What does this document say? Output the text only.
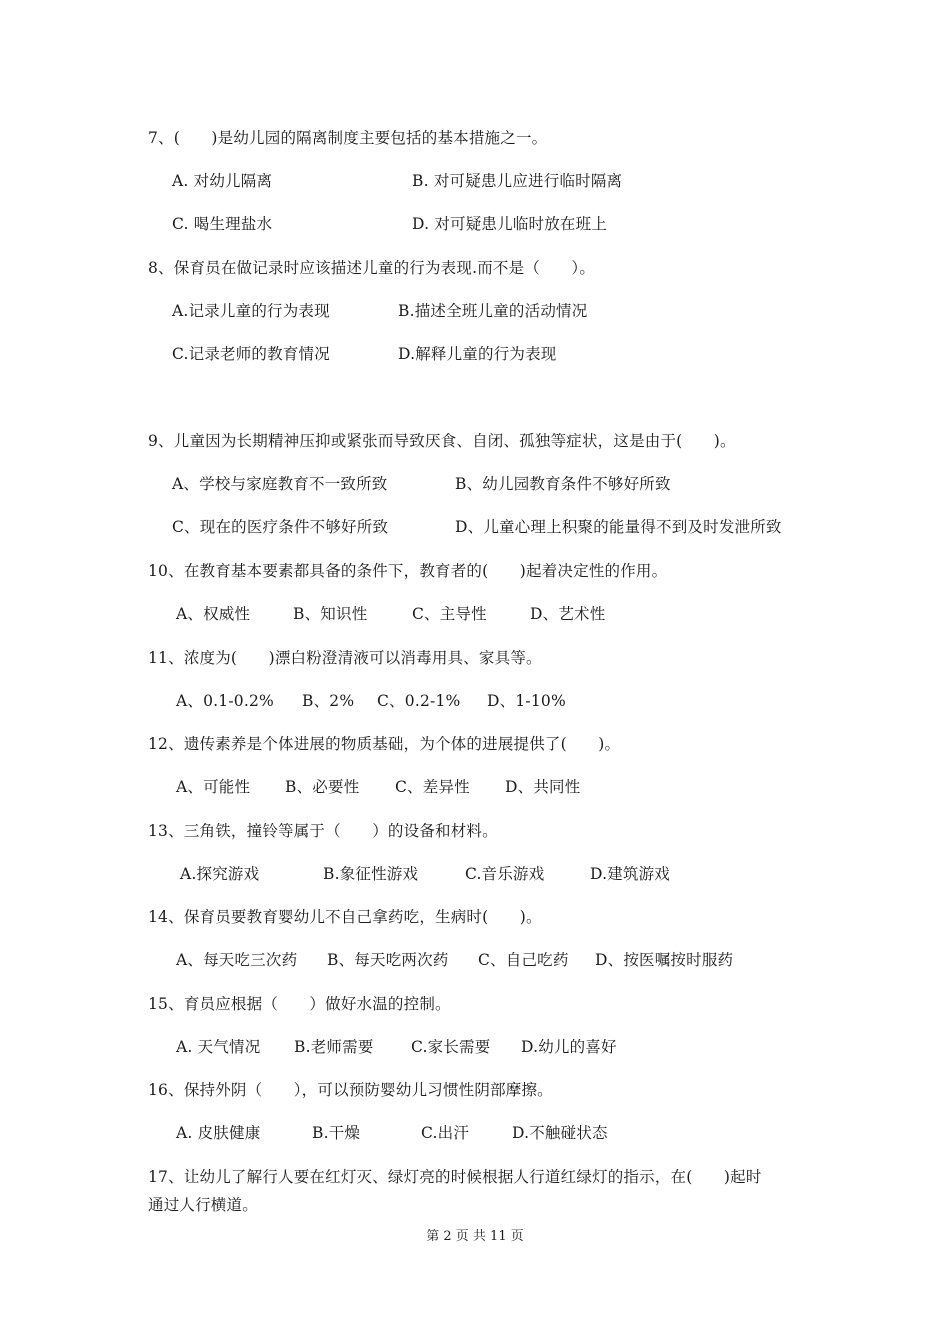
7、(　　)是幼儿园的隔离制度主要包括的基本措施之一。
A. 对幼儿隔离	B. 对可疑患儿应进行临时隔离
C. 喝生理盐水	D. 对可疑患儿临时放在班上
8、保育员在做记录时应该描述儿童的行为表现.而不是（　　）。
A.记录儿童的行为表现	B.描述全班儿童的活动情况
C.记录老师的教育情况	D.解释儿童的行为表现
9、儿童因为长期精神压抑或紧张而导致厌食、自闭、孤独等症状，这是由于(　　)。
A、学校与家庭教育不一致所致	B、幼儿园教育条件不够好所致
C、现在的医疗条件不够好所致	D、儿童心理上积聚的能量得不到及时发泄所致
10、在教育基本要素都具备的条件下，教育者的(　　)起着决定性的作用。
A、权威性	B、知识性	C、主导性	D、艺术性
11、浓度为(　　)漂白粉澄清液可以消毒用具、家具等。
A、0.1-0.2% B、2% C、0.2-1% D、1-10%
12、遗传素养是个体进展的物质基础，为个体的进展提供了(　　)。
A、可能性 B、必要性 C、差异性 D、共同性
13、三角铁，撞铃等属于（　　）的设备和材料。
A.探究游戏	B.象征性游戏	C.音乐游戏	D.建筑游戏
14、保育员要教育婴幼儿不自己拿药吃，生病时(　　)。
A、每天吃三次药 B、每天吃两次药 C、自己吃药 D、按医嘱按时服药
15、育员应根据（　　）做好水温的控制。
A. 天气情况 B.老师需要 C.家长需要 D.幼儿的喜好
16、保持外阴（　　），可以预防婴幼儿习惯性阴部摩擦。
A. 皮肤健康	B.干燥	C.出汗	D.不触碰状态
17、让幼儿了解行人要在红灯灭、绿灯亮的时候根据人行道红绿灯的指示，在(　　)起时
通过人行横道。
第 2 页 共 11 页
